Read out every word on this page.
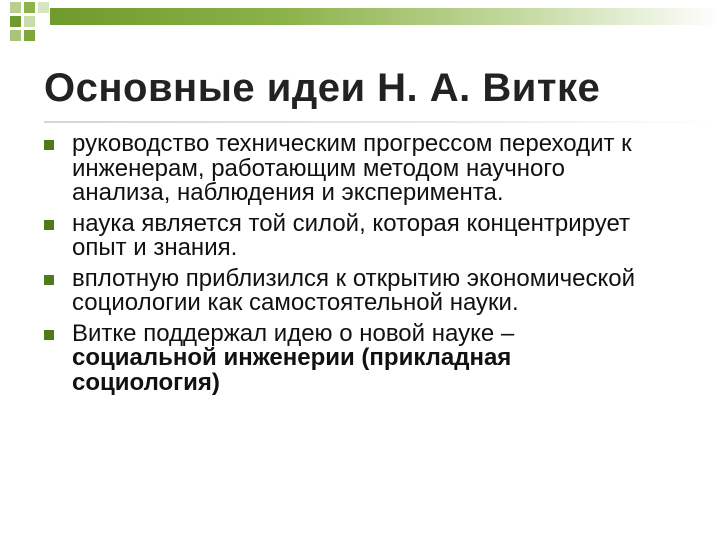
Основные идеи Н. А. Витке
руководство техническим прогрессом переходит к инженерам, работающим методом научного анализа, наблюдения и эксперимента.
наука является той силой, которая концентрирует опыт и знания.
вплотную приблизился к открытию экономической социологии как самостоятельной науки.
Витке поддержал идею о новой науке – социальной инженерии (прикладная социология)
